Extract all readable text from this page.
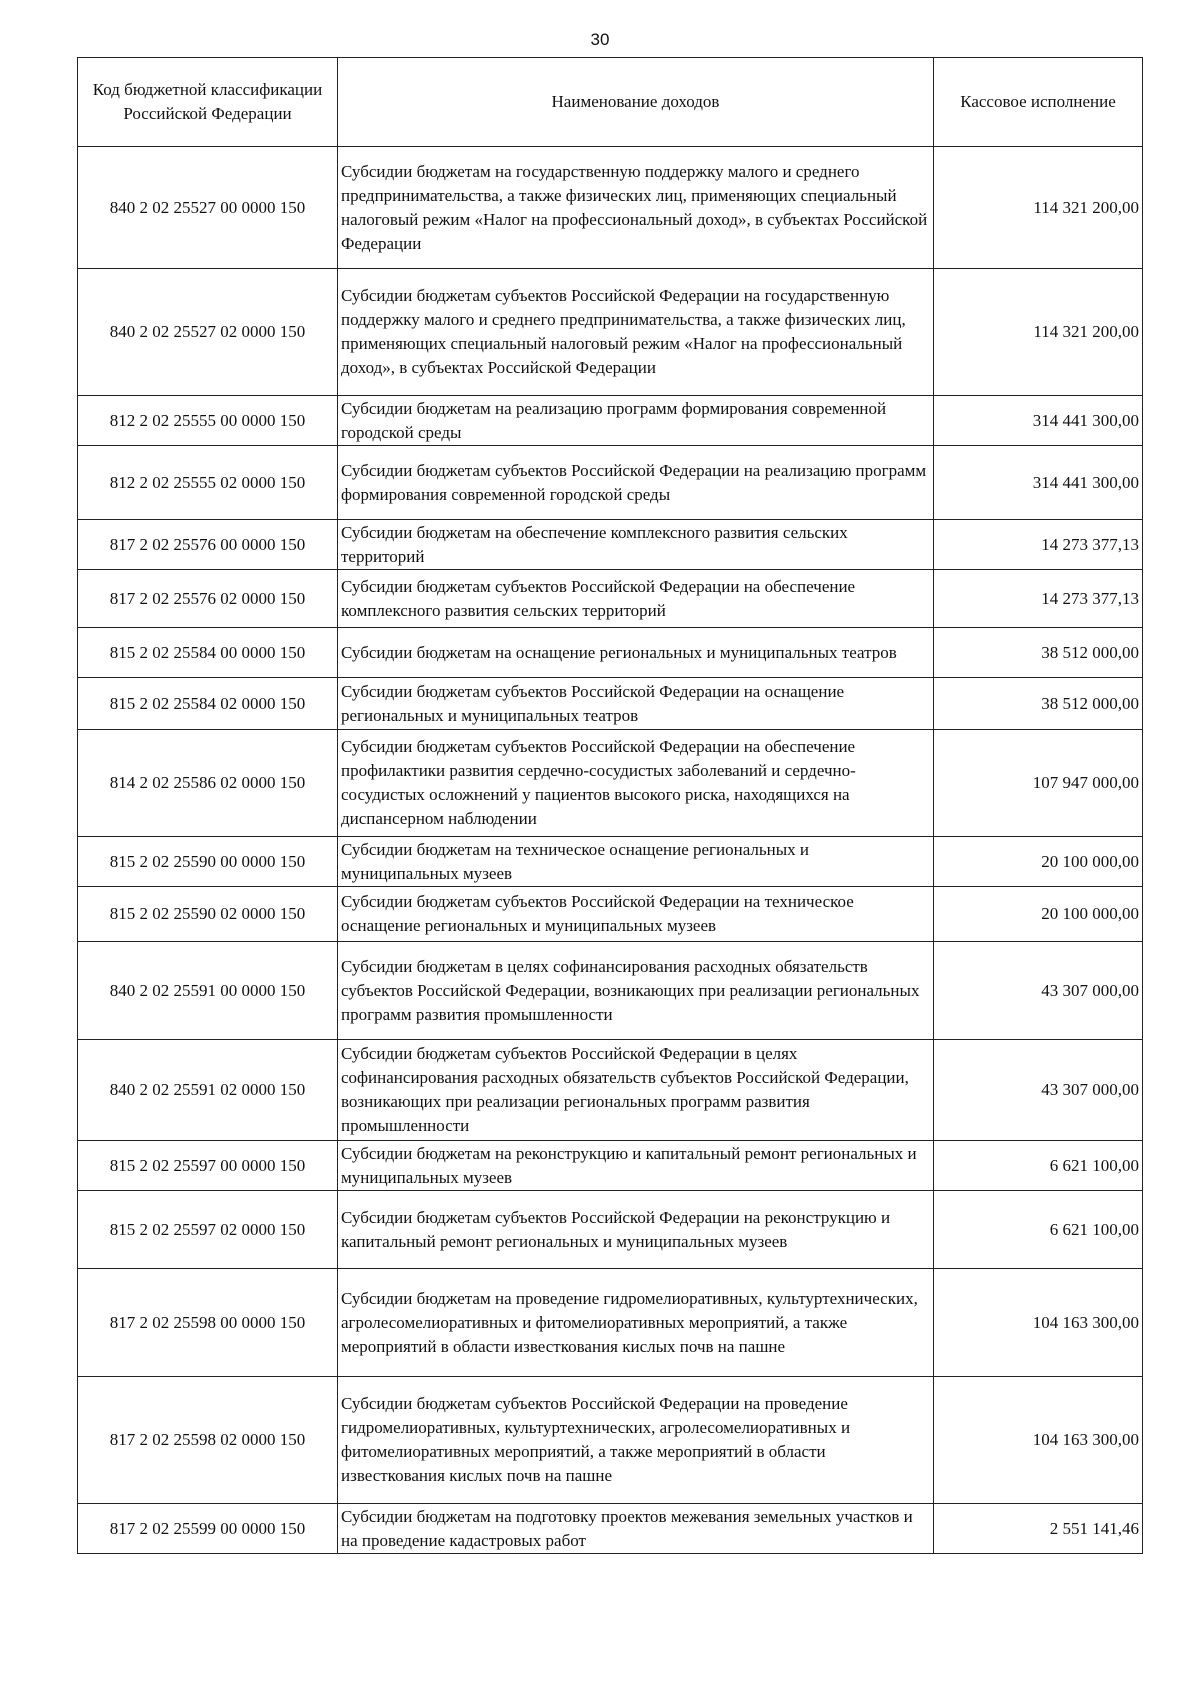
30
Код бюджетной классификации Российской Федерации	Наименование доходов	Кассовое исполнение
840 2 02 25527 00 0000 150	Субсидии бюджетам на государственную поддержку малого и среднего предпринимательства, а также физических лиц, применяющих специальный налоговый режим «Налог на профессиональный доход», в субъектах Российской Федерации	114 321 200,00
840 2 02 25527 02 0000 150	Субсидии бюджетам субъектов Российской Федерации на государственную поддержку малого и среднего предпринимательства, а также физических лиц, применяющих специальный налоговый режим «Налог на профессиональный доход», в субъектах Российской Федерации	114 321 200,00
812 2 02 25555 00 0000 150	Субсидии бюджетам на реализацию программ формирования современной городской среды	314 441 300,00
812 2 02 25555 02 0000 150	Субсидии бюджетам субъектов Российской Федерации на реализацию программ формирования современной городской среды	314 441 300,00
817 2 02 25576 00 0000 150	Субсидии бюджетам на обеспечение комплексного развития сельских территорий	14 273 377,13
817 2 02 25576 02 0000 150	Субсидии бюджетам субъектов Российской Федерации на обеспечение комплексного развития сельских территорий	14 273 377,13
815 2 02 25584 00 0000 150	Субсидии бюджетам на оснащение региональных и муниципальных театров	38 512 000,00
815 2 02 25584 02 0000 150	Субсидии бюджетам субъектов Российской Федерации на оснащение региональных и муниципальных театров	38 512 000,00
814 2 02 25586 02 0000 150	Субсидии бюджетам субъектов Российской Федерации на обеспечение профилактики развития сердечно-сосудистых заболеваний и сердечно-сосудистых осложнений у пациентов высокого риска, находящихся на диспансерном наблюдении	107 947 000,00
815 2 02 25590 00 0000 150	Субсидии бюджетам на техническое оснащение региональных и муниципальных музеев	20 100 000,00
815 2 02 25590 02 0000 150	Субсидии бюджетам субъектов Российской Федерации на техническое оснащение региональных и муниципальных музеев	20 100 000,00
840 2 02 25591 00 0000 150	Субсидии бюджетам в целях софинансирования расходных обязательств субъектов Российской Федерации, возникающих при реализации региональных программ развития промышленности	43 307 000,00
840 2 02 25591 02 0000 150	Субсидии бюджетам субъектов Российской Федерации в целях софинансирования расходных обязательств субъектов Российской Федерации, возникающих при реализации региональных программ развития промышленности	43 307 000,00
815 2 02 25597 00 0000 150	Субсидии бюджетам на реконструкцию и капитальный ремонт региональных и муниципальных музеев	6 621 100,00
815 2 02 25597 02 0000 150	Субсидии бюджетам субъектов Российской Федерации на реконструкцию и капитальный ремонт региональных и муниципальных музеев	6 621 100,00
817 2 02 25598 00 0000 150	Субсидии бюджетам на проведение гидромелиоративных, культуртехнических, агролесомелиоративных и фитомелиоративных мероприятий, а также мероприятий в области известкования кислых почв на пашне	104 163 300,00
817 2 02 25598 02 0000 150	Субсидии бюджетам субъектов Российской Федерации на проведение гидромелиоративных, культуртехнических, агролесомелиоративных и фитомелиоративных мероприятий, а также мероприятий в области известкования кислых почв на пашне	104 163 300,00
817 2 02 25599 00 0000 150	Субсидии бюджетам на подготовку проектов межевания земельных участков и на проведение кадастровых работ	2 551 141,46
